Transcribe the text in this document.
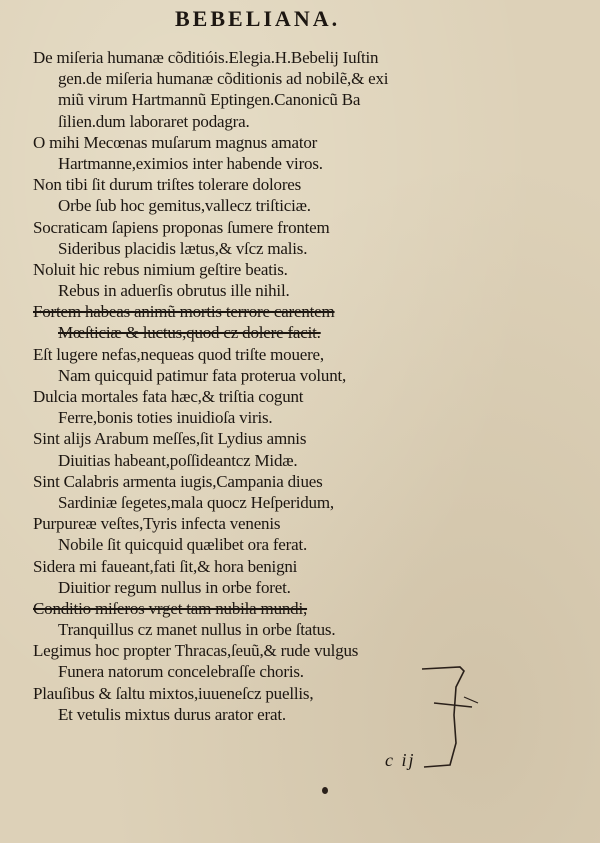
BEBELIANA.
De miſeria humanæ cõditióis.Elegia.H.Bebelij Iuſtin
gen.de miſeria humanæ cõditionis ad nobilẽ,& exi
miũ virum Hartmannũ Eptingen.Canonicũ Ba
ſilien.dum laboraret podagra.
O mihi Mecœnas muſarum magnus amator
Hartmanne,eximios inter habende viros.
Non tibi ſit durum triſtes tolerare dolores
Orbe ſub hoc gemitus,vallecz triſticiæ.
Socraticam ſapiens proponas ſumere frontem
Sideribus placidis lætus,& vſcz malis.
Noluit hic rebus nimium geſtire beatis.
Rebus in aduerſis obrutus ille nihil.
Fortem habeas animũ mortis terrore carentem
Mœſticiæ & luctus,quod cz dolere facit.
Eſt lugere nefas,nequeas quod triſte mouere,
Nam quicquid patimur fata proterua volunt,
Dulcia mortales fata hæc,& triſtia cogunt
Ferre,bonis toties inuidioſa viris.
Sint alijs Arabum meſſes,ſit Lydius amnis
Diuitias habeant,poſſideantcz Midæ.
Sint Calabris armenta iugis,Campania diues
Sardiniæ ſegetes,mala quocz Heſperidum,
Purpureæ veſtes,Tyris infecta venenis
Nobile ſit quicquid quælibet ora ferat.
Sidera mi faueant,fati ſit,& hora benigni
Diuitior regum nullus in orbe foret.
Conditio miſeros vrget tam nubila mundi,
Tranquillus cz manet nullus in orbe ſtatus.
Legimus hoc propter Thracas,ſeuũ,& rude vulgus
Funera natorum concelebraſſe choris.
Plauſibus & ſaltu mixtos,iuueneſcz puellis,
Et vetulis mixtus durus arator erat.
c ij
